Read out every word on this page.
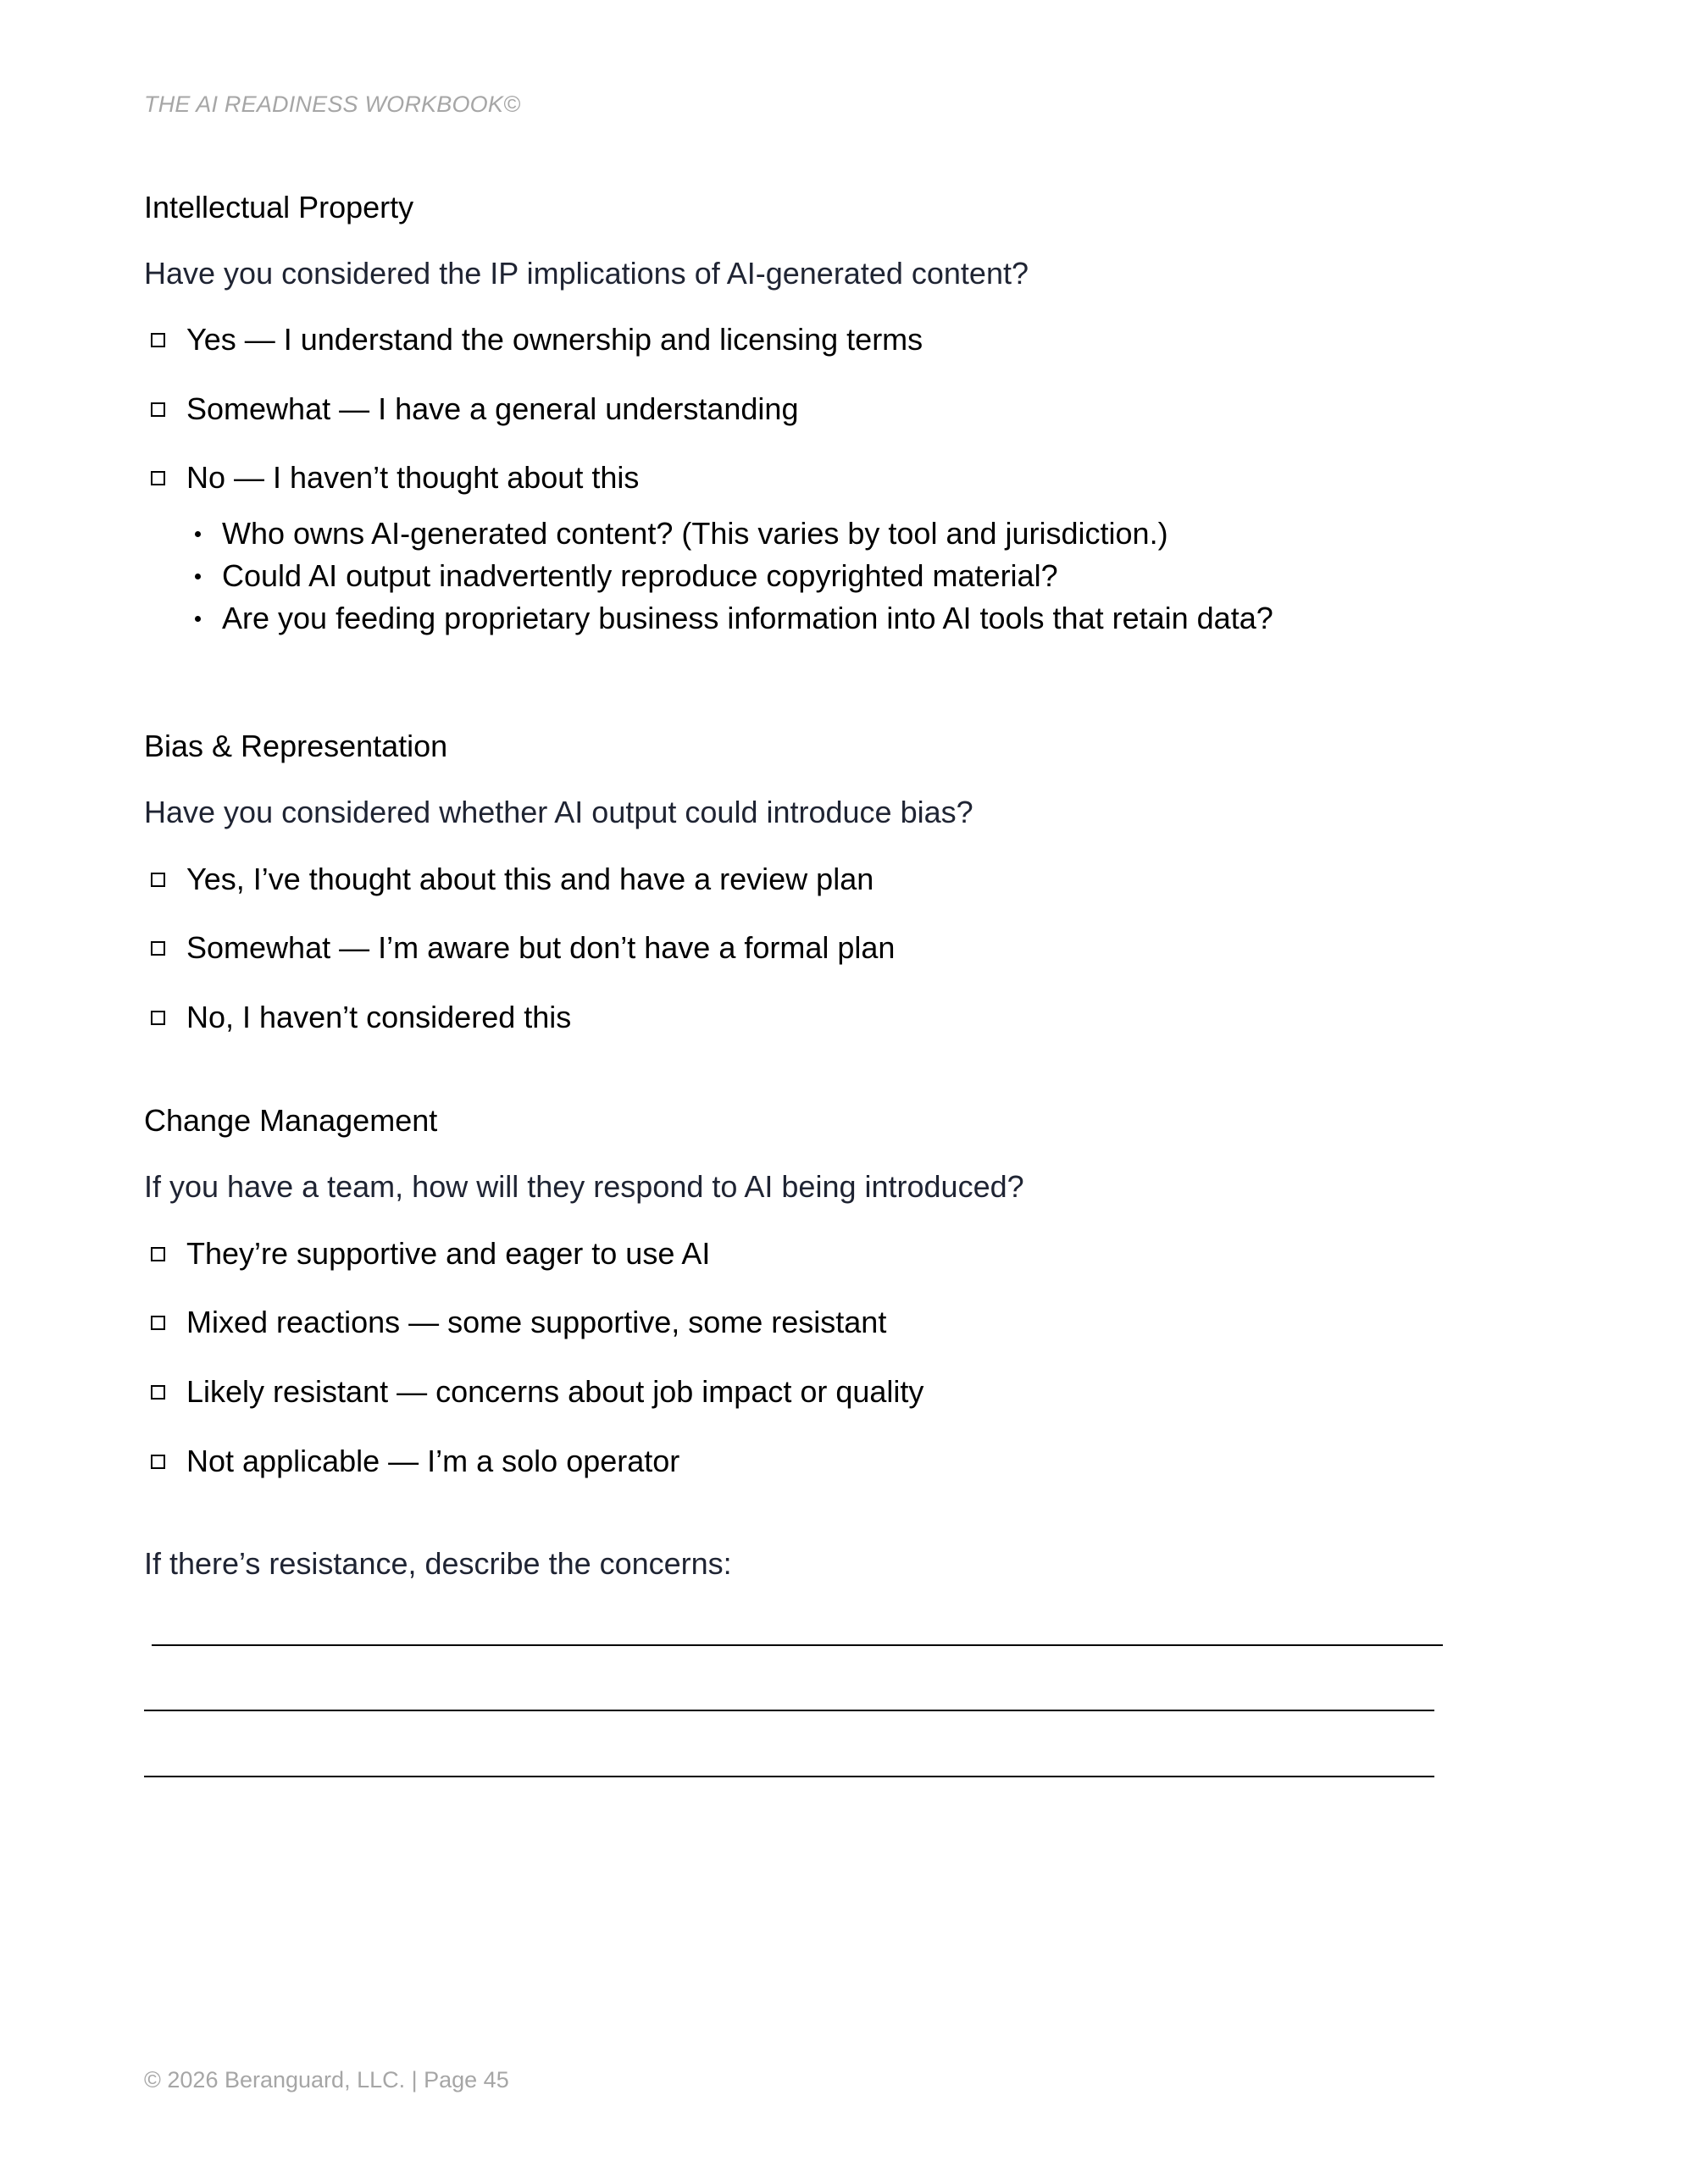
THE AI READINESS WORKBOOK©
Intellectual Property
Have you considered the IP implications of AI-generated content?
Yes — I understand the ownership and licensing terms
Somewhat — I have a general understanding
No — I haven’t thought about this
Who owns AI-generated content? (This varies by tool and jurisdiction.)
Could AI output inadvertently reproduce copyrighted material?
Are you feeding proprietary business information into AI tools that retain data?
Bias & Representation
Have you considered whether AI output could introduce bias?
Yes, I’ve thought about this and have a review plan
Somewhat — I’m aware but don’t have a formal plan
No, I haven’t considered this
Change Management
If you have a team, how will they respond to AI being introduced?
They’re supportive and eager to use AI
Mixed reactions — some supportive, some resistant
Likely resistant — concerns about job impact or quality
Not applicable — I’m a solo operator
If there’s resistance, describe the concerns:
© 2026 Beranguard, LLC. | Page 45
